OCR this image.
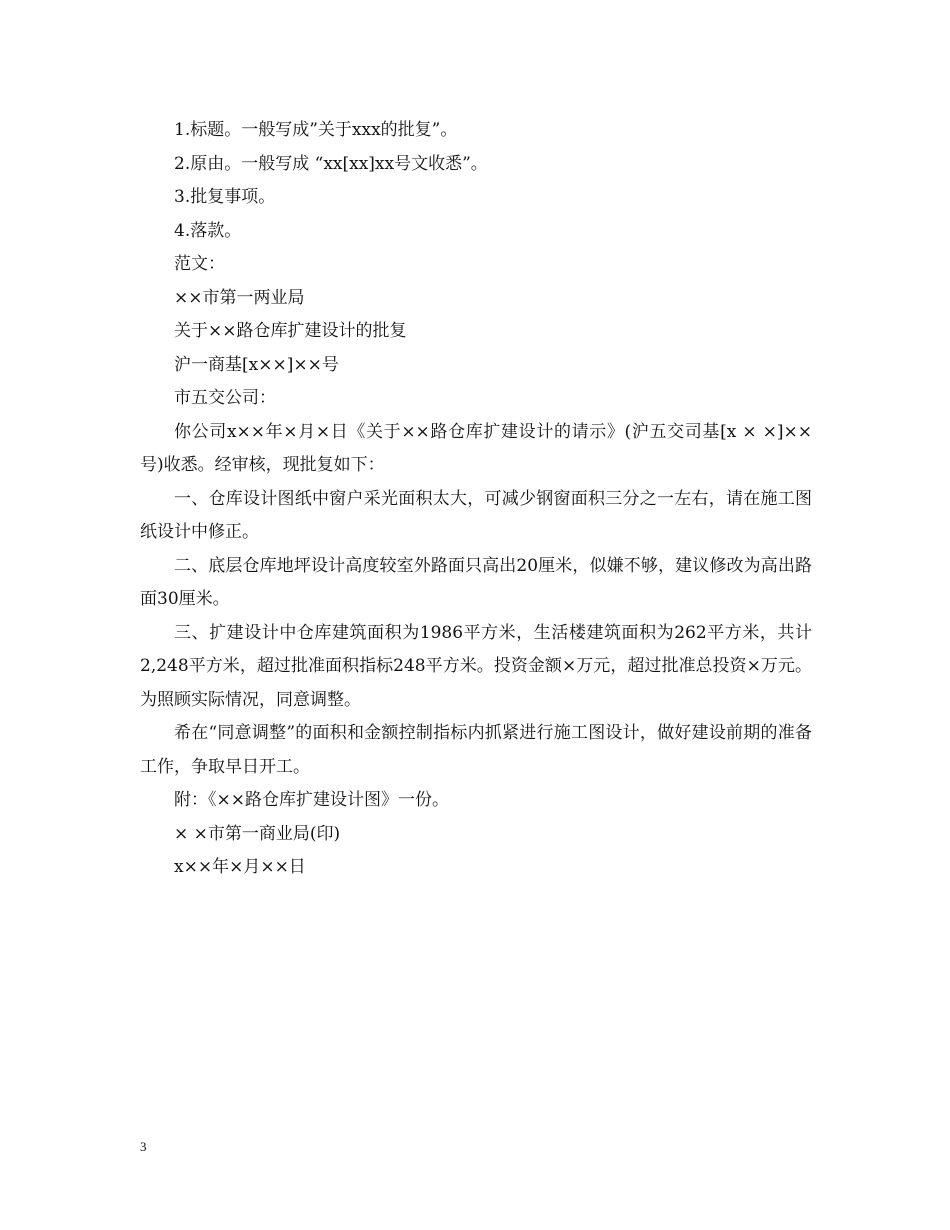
1.标题。一般写成”关于xxx的批复”。

2.原由。一般写成 “xx[xx]xx号文收悉”。

3.批复事项。

4.落款。

范文：

××市第一两业局

关于××路仓库扩建设计的批复

沪一商基[x××]××号

市五交公司：

你公司x××年×月×日《关于××路仓库扩建设计的请示》(沪五交司基[x × ×]××号)收悉。经审核，现批复如下：

一、仓库设计图纸中窗户采光面积太大，可减少钢窗面积三分之一左右，请在施工图纸设计中修正。

二、底层仓库地坪设计高度较室外路面只高出20厘米，似嫌不够，建议修改为高出路面30厘米。

三、扩建设计中仓库建筑面积为1986平方米，生活楼建筑面积为262平方米，共计2,248平方米，超过批准面积指标248平方米。投资金额×万元，超过批准总投资×万元。为照顾实际情况，同意调整。

希在“同意调整”的面积和金额控制指标内抓紧进行施工图设计，做好建设前期的准备工作，争取早日开工。

附：《××路仓库扩建设计图》一份。

× ×市第一商业局(印)

x××年×月××日

3
